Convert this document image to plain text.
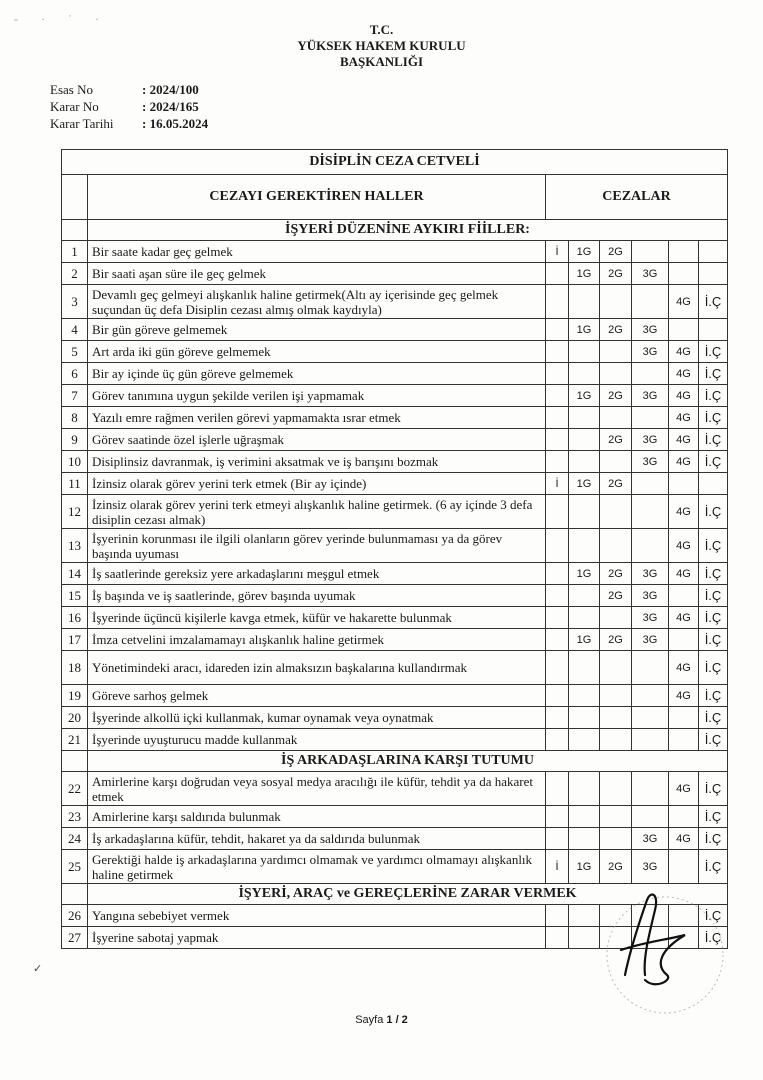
- · ˙ ·
T.C.
YÜKSEK HAKEM KURULU
BAŞKANLIĞI
Esas No	: 2024/100
Karar No	: 2024/165
Karar Tarihi	: 16.05.2024
DİSİPLİN CEZA CETVELİ							
	CEZAYI GEREKTİREN HALLER	CEZALAR					
	İŞYERİ DÜZENİNE AYKIRI FİİLLER:						
1	Bir saate kadar geç gelmek	İ	1G	2G			
2	Bir saati aşan süre ile geç gelmek		1G	2G	3G		
3	Devamlı geç gelmeyi alışkanlık haline getirmek(Altı ay içerisinde geç gelmek suçundan üç defa Disiplin cezası almış olmak kaydıyla)					4G	İ.Ç
4	Bir gün göreve gelmemek		1G	2G	3G		
5	Art arda iki gün göreve gelmemek				3G	4G	İ.Ç
6	Bir ay içinde üç gün göreve gelmemek					4G	İ.Ç
7	Görev tanımına uygun şekilde verilen işi yapmamak		1G	2G	3G	4G	İ.Ç
8	Yazılı emre rağmen verilen görevi yapmamakta ısrar etmek					4G	İ.Ç
9	Görev saatinde özel işlerle uğraşmak			2G	3G	4G	İ.Ç
10	Disiplinsiz davranmak, iş verimini aksatmak ve iş barışını bozmak				3G	4G	İ.Ç
11	İzinsiz olarak görev yerini terk etmek (Bir ay içinde)	İ	1G	2G			
12	İzinsiz olarak görev yerini terk etmeyi alışkanlık haline getirmek. (6 ay içinde 3 defa disiplin cezası almak)					4G	İ.Ç
13	İşyerinin korunması ile ilgili olanların görev yerinde bulunmaması ya da görev başında uyuması					4G	İ.Ç
14	İş saatlerinde gereksiz yere arkadaşlarını meşgul etmek		1G	2G	3G	4G	İ.Ç
15	İş başında ve iş saatlerinde, görev başında uyumak			2G	3G		İ.Ç
16	İşyerinde üçüncü kişilerle kavga etmek, küfür ve hakarette bulunmak				3G	4G	İ.Ç
17	İmza cetvelini imzalamamayı alışkanlık haline getirmek		1G	2G	3G		İ.Ç
18	Yönetimindeki aracı, idareden izin almaksızın başkalarına kullandırmak					4G	İ.Ç
19	Göreve sarhoş gelmek					4G	İ.Ç
20	İşyerinde alkollü içki kullanmak, kumar oynamak veya oynatmak						İ.Ç
21	İşyerinde uyuşturucu madde kullanmak						İ.Ç
	İŞ ARKADAŞLARINA KARŞI TUTUMU						
22	Amirlerine karşı doğrudan veya sosyal medya aracılığı ile küfür, tehdit ya da hakaret etmek					4G	İ.Ç
23	Amirlerine karşı saldırıda bulunmak						İ.Ç
24	İş arkadaşlarına küfür, tehdit, hakaret ya da saldırıda bulunmak				3G	4G	İ.Ç
25	Gerektiği halde iş arkadaşlarına yardımcı olmamak ve yardımcı olmamayı alışkanlık haline getirmek	İ	1G	2G	3G		İ.Ç
	İŞYERİ, ARAÇ ve GEREÇLERİNE ZARAR VERMEK						
26	Yangına sebebiyet vermek						İ.Ç
27	İşyerine sabotaj yapmak						İ.Ç
✓
Sayfa 1 / 2
